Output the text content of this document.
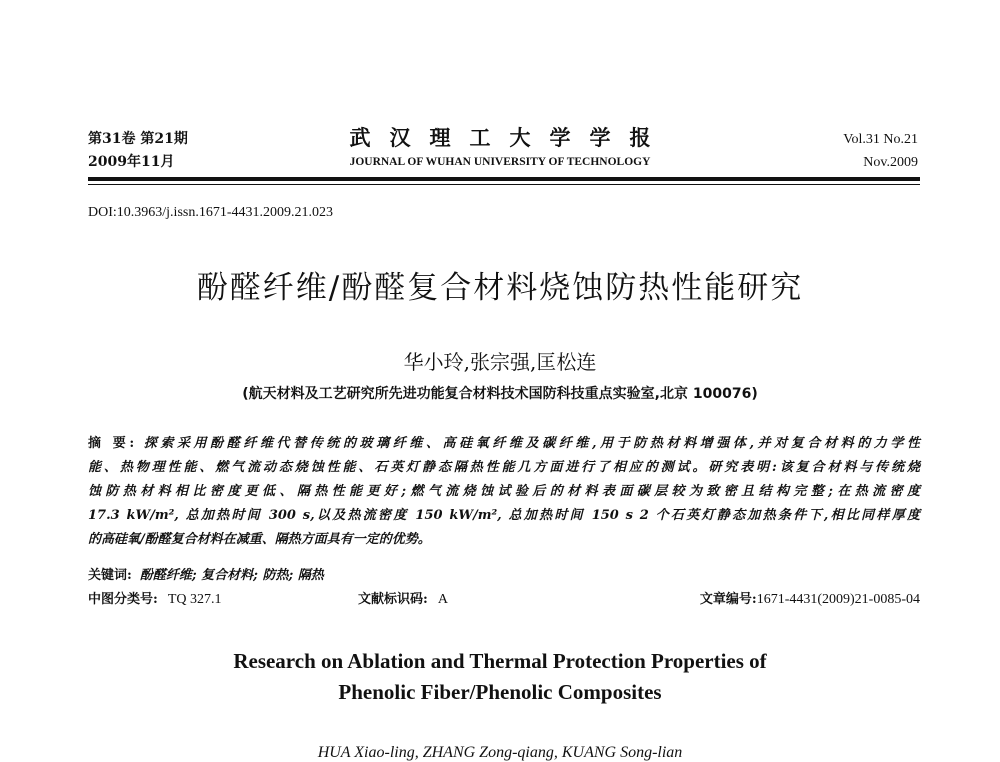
第31卷 第21期
2009年11月
武汉理工大学学报
JOURNAL OF WUHAN UNIVERSITY OF TECHNOLOGY
Vol.31 No.21
Nov.2009
DOI:10.3963/j.issn.1671-4431.2009.21.023
酚醛纤维/酚醛复合材料烧蚀防热性能研究
华小玲,张宗强,匡松连
(航天材料及工艺研究所先进功能复合材料技术国防科技重点实验室,北京 100076)
摘 要: 探索采用酚醛纤维代替传统的玻璃纤维、高硅氧纤维及碳纤维,用于防热材料增强体,并对复合材料的力学性
能、热物理性能、燃气流动态烧蚀性能、石英灯静态隔热性能几方面进行了相应的测试。研究表明:该复合材料与传统烧
蚀防热材料相比密度更低、隔热性能更好;燃气流烧蚀试验后的材料表面碳层较为致密且结构完整;在热流密度
17.3 kW/m², 总加热时间 300 s,以及热流密度 150 kW/m², 总加热时间 150 s 2 个石英灯静态加热条件下,相比同样厚度
的高硅氧/酚醛复合材料在减重、隔热方面具有一定的优势。
关键词: 酚醛纤维; 复合材料; 防热; 隔热
中图分类号: TQ 327.1	文献标识码: A	文章编号:1671-4431(2009)21-0085-04
Research on Ablation and Thermal Protection Properties of
Phenolic Fiber/Phenolic Composites
HUA Xiao-ling, ZHANG Zong-qiang, KUANG Song-lian
